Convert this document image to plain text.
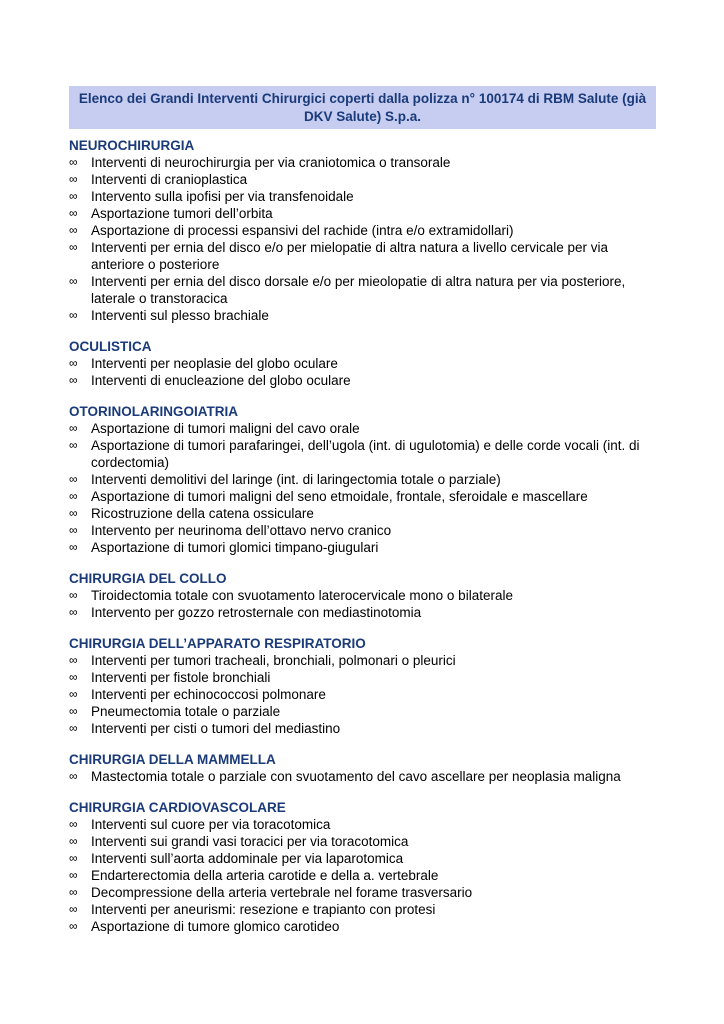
Elenco dei Grandi Interventi Chirurgici coperti dalla polizza n° 100174 di RBM Salute (già DKV Salute) S.p.a.
NEUROCHIRURGIA
∞ Interventi di neurochirurgia per via craniotomica o transorale
∞ Interventi di cranioplastica
∞ Intervento sulla ipofisi per via transfenoidale
∞ Asportazione tumori dell’orbita
∞ Asportazione di processi espansivi del rachide (intra e/o extramidollari)
∞ Interventi per ernia del disco e/o per mielopatie di altra natura a livello cervicale per via anteriore o posteriore
∞ Interventi per ernia del disco dorsale e/o per mieolopatie di altra natura per via posteriore, laterale o transtoracica
∞ Interventi sul plesso brachiale
OCULISTICA
∞ Interventi per neoplasie del globo oculare
∞ Interventi di enucleazione del globo oculare
OTORINOLARINGOIATRIA
∞ Asportazione di tumori maligni del cavo orale
∞ Asportazione di tumori parafaringei, dell’ugola (int. di ugulotomia) e delle corde vocali (int. di cordectomia)
∞ Interventi demolitivi del laringe (int. di laringectomia totale o parziale)
∞ Asportazione di tumori maligni del seno etmoidale, frontale, sferoidale e mascellare
∞ Ricostruzione della catena ossiculare
∞ Intervento per neurinoma dell’ottavo nervo cranico
∞ Asportazione di tumori glomici timpano-giugulari
CHIRURGIA DEL COLLO
∞ Tiroidectomia totale con svuotamento laterocervicale mono o bilaterale
∞ Intervento per gozzo retrosternale con mediastinotomia
CHIRURGIA DELL’APPARATO RESPIRATORIO
∞ Interventi per tumori tracheali, bronchiali, polmonari o pleurici
∞ Interventi per fistole bronchiali
∞ Interventi per echinococcosi polmonare
∞ Pneumectomia totale o parziale
∞ Interventi per cisti o tumori del mediastino
CHIRURGIA DELLA MAMMELLA
∞ Mastectomia totale o parziale con svuotamento del cavo ascellare per neoplasia maligna
CHIRURGIA CARDIOVASCOLARE
∞ Interventi sul cuore per via toracotomica
∞ Interventi sui grandi vasi toracici per via toracotomica
∞ Interventi sull’aorta addominale per via laparotomica
∞ Endarterectomia della arteria carotide e della a. vertebrale
∞ Decompressione della arteria vertebrale nel forame trasversario
∞ Interventi per aneurismi: resezione e trapianto con protesi
∞ Asportazione di tumore glomico carotideo
